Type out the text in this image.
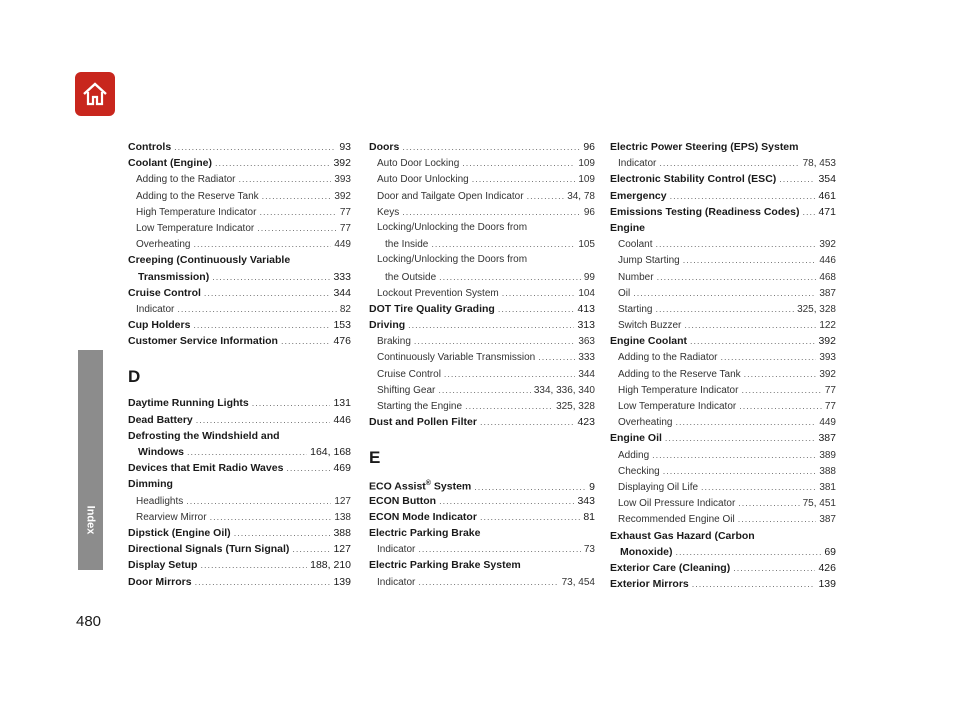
Index
480
Controls .....	93
Coolant (Engine) .....	392
Adding to the Radiator .....	393
Adding to the Reserve Tank .....	392
High Temperature Indicator .....	77
Low Temperature Indicator .....	77
Overheating .....	449
Creeping (Continuously Variable
Transmission) .....	333
Cruise Control .....	344
Indicator .....	82
Cup Holders .....	153
Customer Service Information .....	476
D
Daytime Running Lights .....	131
Dead Battery .....	446
Defrosting the Windshield and
Windows .....	164, 168
Devices that Emit Radio Waves .....	469
Dimming
Headlights .....	127
Rearview Mirror .....	138
Dipstick (Engine Oil) .....	388
Directional Signals (Turn Signal) .....	127
Display Setup .....	188, 210
Door Mirrors .....	139
Doors .....	96
Auto Door Locking .....	109
Auto Door Unlocking .....	109
Door and Tailgate Open Indicator .....	34, 78
Keys .....	96
Locking/Unlocking the Doors from
the Inside .....	105
Locking/Unlocking the Doors from
the Outside .....	99
Lockout Prevention System .....	104
DOT Tire Quality Grading .....	413
Driving .....	313
Braking .....	363
Continuously Variable Transmission .....	333
Cruise Control .....	344
Shifting Gear .....	334, 336, 340
Starting the Engine .....	325, 328
Dust and Pollen Filter .....	423
E
ECO Assist® System .....	9
ECON Button .....	343
ECON Mode Indicator .....	81
Electric Parking Brake
Indicator .....	73
Electric Parking Brake System
Indicator .....	73, 454
Electric Power Steering (EPS) System
Indicator .....	78, 453
Electronic Stability Control (ESC) .....	354
Emergency .....	461
Emissions Testing (Readiness Codes) ..... 471
Engine
Coolant .....	392
Jump Starting .....	446
Number .....	468
Oil .....	387
Starting .....	325, 328
Switch Buzzer .....	122
Engine Coolant .....	392
Adding to the Radiator .....	393
Adding to the Reserve Tank .....	392
High Temperature Indicator .....	77
Low Temperature Indicator .....	77
Overheating .....	449
Engine Oil .....	387
Adding .....	389
Checking .....	388
Displaying Oil Life .....	381
Low Oil Pressure Indicator .....	75, 451
Recommended Engine Oil .....	387
Exhaust Gas Hazard (Carbon
Monoxide) .....	69
Exterior Care (Cleaning) .....	426
Exterior Mirrors .....	139
